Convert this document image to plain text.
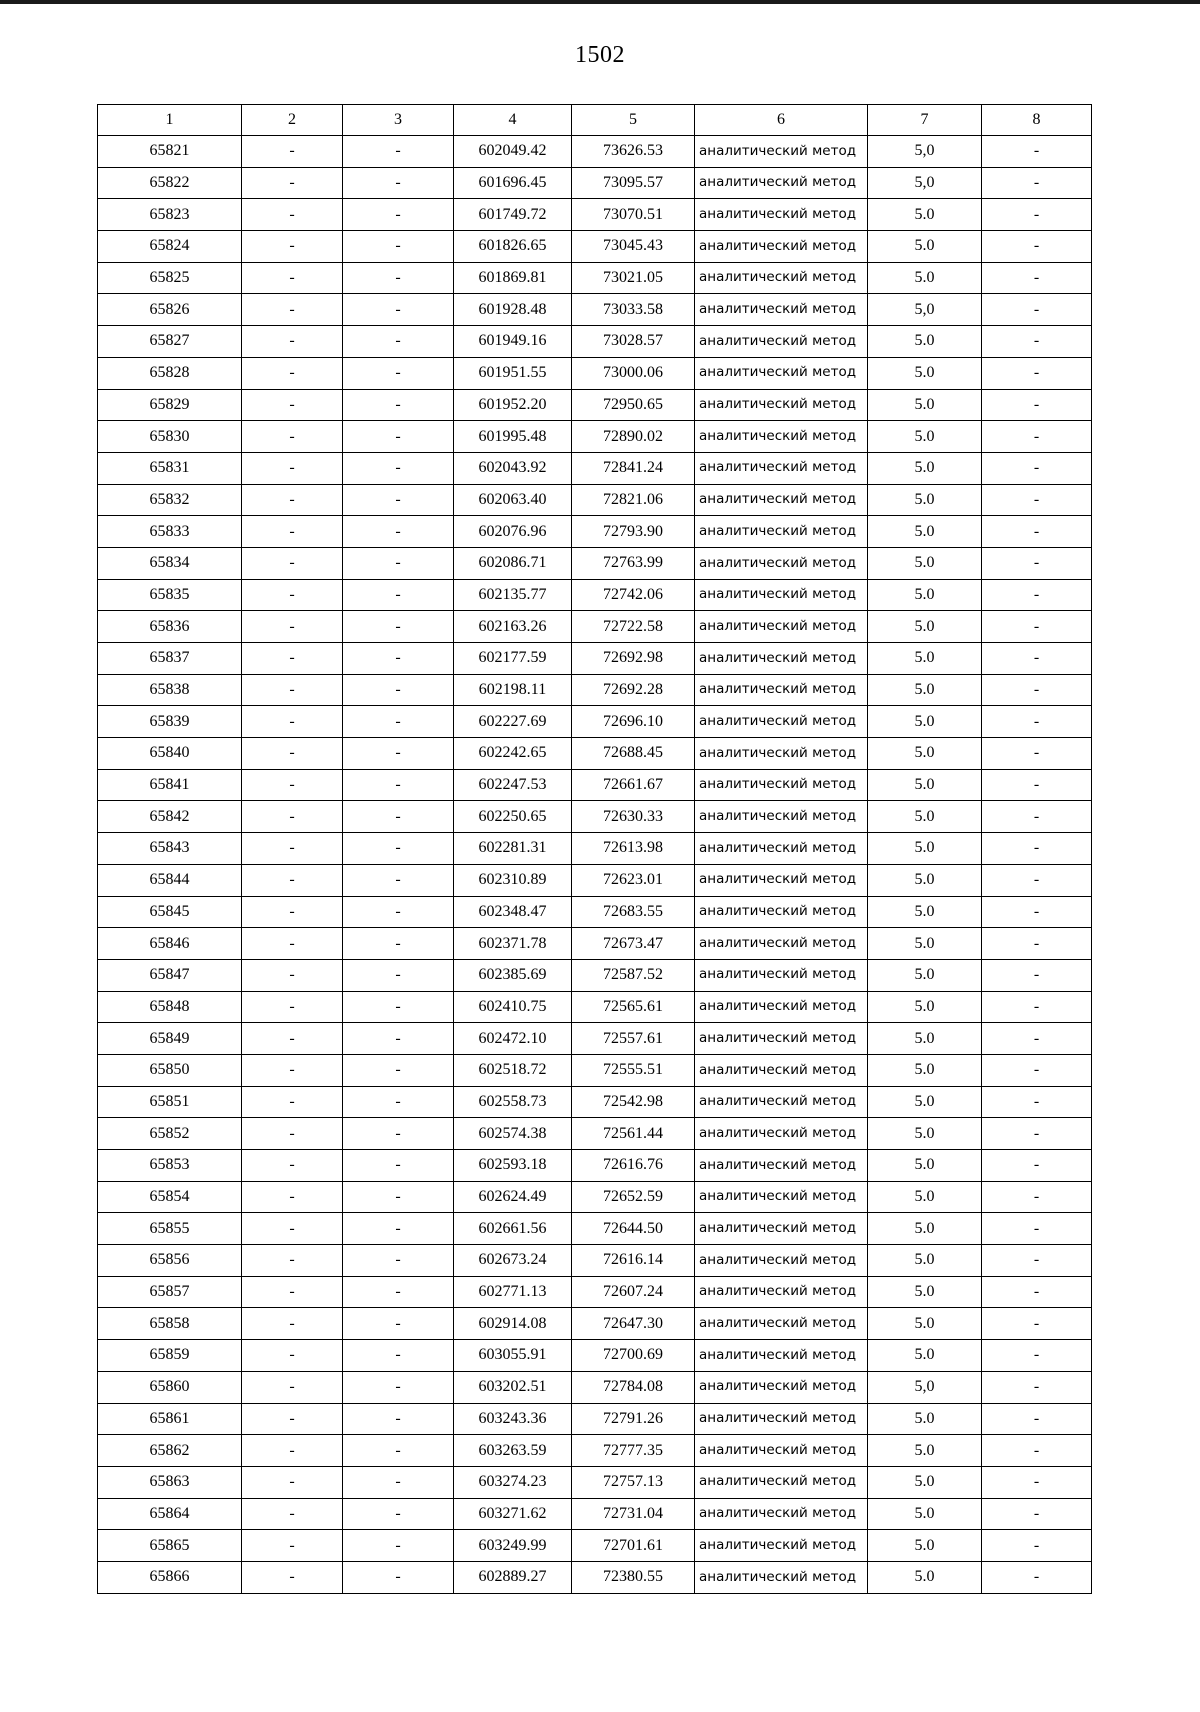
1502
1	2	3	4	5	6	7	8
65821	-	-	602049.42	73626.53	аналитический метод	5,0	-
65822	-	-	601696.45	73095.57	аналитический метод	5,0	-
65823	-	-	601749.72	73070.51	аналитический метод	5.0	-
65824	-	-	601826.65	73045.43	аналитический метод	5.0	-
65825	-	-	601869.81	73021.05	аналитический метод	5.0	-
65826	-	-	601928.48	73033.58	аналитический метод	5,0	-
65827	-	-	601949.16	73028.57	аналитический метод	5.0	-
65828	-	-	601951.55	73000.06	аналитический метод	5.0	-
65829	-	-	601952.20	72950.65	аналитический метод	5.0	-
65830	-	-	601995.48	72890.02	аналитический метод	5.0	-
65831	-	-	602043.92	72841.24	аналитический метод	5.0	-
65832	-	-	602063.40	72821.06	аналитический метод	5.0	-
65833	-	-	602076.96	72793.90	аналитический метод	5.0	-
65834	-	-	602086.71	72763.99	аналитический метод	5.0	-
65835	-	-	602135.77	72742.06	аналитический метод	5.0	-
65836	-	-	602163.26	72722.58	аналитический метод	5.0	-
65837	-	-	602177.59	72692.98	аналитический метод	5.0	-
65838	-	-	602198.11	72692.28	аналитический метод	5.0	-
65839	-	-	602227.69	72696.10	аналитический метод	5.0	-
65840	-	-	602242.65	72688.45	аналитический метод	5.0	-
65841	-	-	602247.53	72661.67	аналитический метод	5.0	-
65842	-	-	602250.65	72630.33	аналитический метод	5.0	-
65843	-	-	602281.31	72613.98	аналитический метод	5.0	-
65844	-	-	602310.89	72623.01	аналитический метод	5.0	-
65845	-	-	602348.47	72683.55	аналитический метод	5.0	-
65846	-	-	602371.78	72673.47	аналитический метод	5.0	-
65847	-	-	602385.69	72587.52	аналитический метод	5.0	-
65848	-	-	602410.75	72565.61	аналитический метод	5.0	-
65849	-	-	602472.10	72557.61	аналитический метод	5.0	-
65850	-	-	602518.72	72555.51	аналитический метод	5.0	-
65851	-	-	602558.73	72542.98	аналитический метод	5.0	-
65852	-	-	602574.38	72561.44	аналитический метод	5.0	-
65853	-	-	602593.18	72616.76	аналитический метод	5.0	-
65854	-	-	602624.49	72652.59	аналитический метод	5.0	-
65855	-	-	602661.56	72644.50	аналитический метод	5.0	-
65856	-	-	602673.24	72616.14	аналитический метод	5.0	-
65857	-	-	602771.13	72607.24	аналитический метод	5.0	-
65858	-	-	602914.08	72647.30	аналитический метод	5.0	-
65859	-	-	603055.91	72700.69	аналитический метод	5.0	-
65860	-	-	603202.51	72784.08	аналитический метод	5,0	-
65861	-	-	603243.36	72791.26	аналитический метод	5.0	-
65862	-	-	603263.59	72777.35	аналитический метод	5.0	-
65863	-	-	603274.23	72757.13	аналитический метод	5.0	-
65864	-	-	603271.62	72731.04	аналитический метод	5.0	-
65865	-	-	603249.99	72701.61	аналитический метод	5.0	-
65866	-	-	602889.27	72380.55	аналитический метод	5.0	-
